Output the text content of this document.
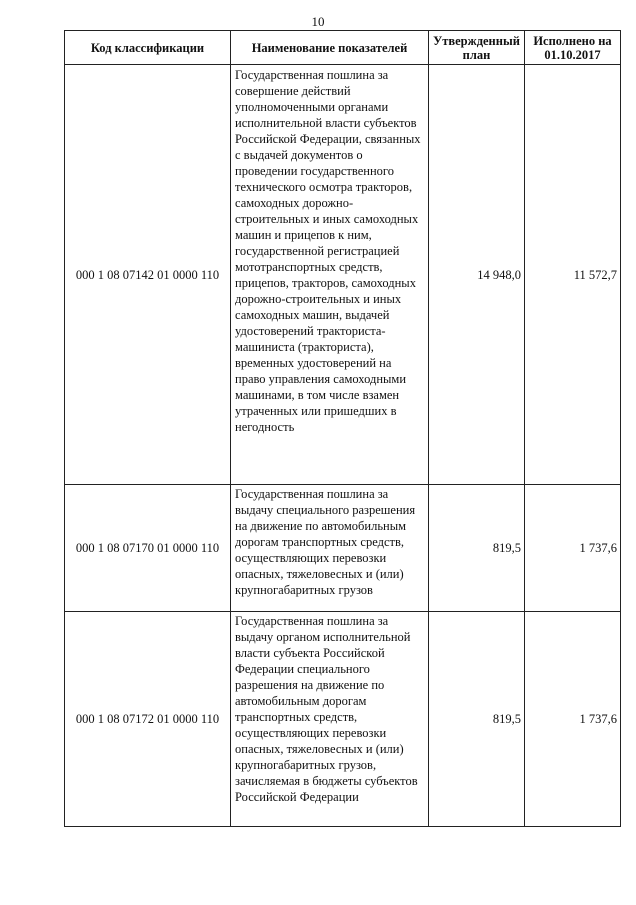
10
Код классификации	Наименование показателей	Утвержденный план	Исполнено на 01.10.2017
000 1 08 07142 01 0000 110	Государственная пошлина за совершение действий уполномоченными органами исполнительной власти субъектов Российской Федерации, связанных с выдачей документов о проведении государственного технического осмотра тракторов, самоходных дорожно-строительных и иных самоходных машин и прицепов к ним, государственной регистрацией мототранспортных средств, прицепов, тракторов, самоходных дорожно-строительных и иных самоходных машин, выдачей удостоверений тракториста-машиниста (тракториста), временных удостоверений на право управления самоходными машинами, в том числе взамен утраченных или пришедших в негодность	14 948,0	11 572,7
000 1 08 07170 01 0000 110	Государственная пошлина за выдачу специального разрешения на движение по автомобильным дорогам транспортных средств, осуществляющих перевозки опасных, тяжеловесных и (или) крупногабаритных грузов	819,5	1 737,6
000 1 08 07172 01 0000 110	Государственная пошлина за выдачу органом исполнительной власти субъекта Российской Федерации специального разрешения на движение по автомобильным дорогам транспортных средств, осуществляющих перевозки опасных, тяжеловесных и (или) крупногабаритных грузов, зачисляемая в бюджеты субъектов Российской Федерации	819,5	1 737,6
